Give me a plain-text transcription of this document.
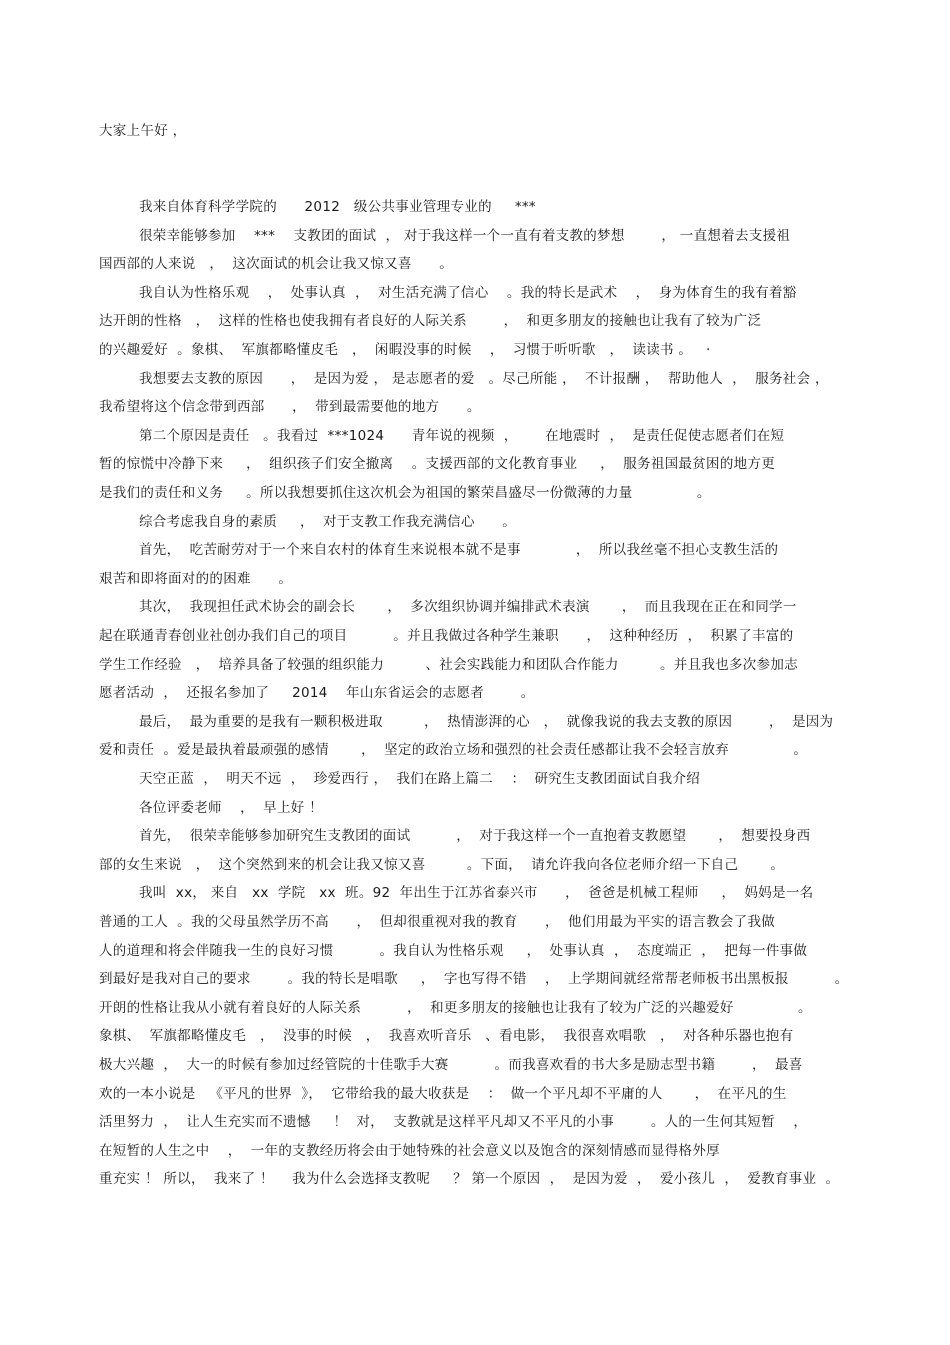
大家上午好 ，
我来自体育科学学院的      2012   级公共事业管理专业的     ***
很荣幸能够参加    ***    支教团的面试  ， 对于我这样一个一直有着支教的梦想        ， 一直想着去支援祖
国西部的人来说   ，  这次面试的机会让我又惊又喜      。
我自认为性格乐观    ，  处事认真  ，  对生活充满了信心    。我的特长是武术    ，  身为体育生的我有着豁
达开朗的性格   ，  这样的性格也使我拥有者良好的人际关系        ，  和更多朋友的接触也让我有了较为广泛
的兴趣爱好  。象棋、  军旗都略懂皮毛   ，  闲暇没事的时候    ，  习惯于听听歌   ，  读读书 。   ·
我想要去支教的原因      ，  是因为爱 ， 是志愿者的爱   。尽己所能 ，  不计报酬 ，  帮助他人  ，  服务社会 ，
我希望将这个信念带到西部      ，  带到最需要他的地方      。
第二个原因是责任   。我看过  ***1024      青年说的视频  ，      在地震时  ，  是责任促使志愿者们在短
暂的惊慌中冷静下来     ，  组织孩子们安全撤离    。支援西部的文化教育事业     ，  服务祖国最贫困的地方更
是我们的责任和义务     。所以我想要抓住这次机会为祖国的繁荣昌盛尽一份微薄的力量              。
综合考虑我自身的素质     ，  对于支教工作我充满信心      。
首先，  吃苦耐劳对于一个来自农村的体育生来说根本就不是事            ，  所以我丝毫不担心支教生活的
艰苦和即将面对的的困难      。
其次，  我现担任武术协会的副会长       ，  多次组织协调并编排武术表演       ，  而且我现在正在和同学一
起在联通青春创业社创办我们自己的项目          。并且我做过各种学生兼职      ，  这种种经历  ，  积累了丰富的
学生工作经验   ，  培养具备了较强的组织能力         、社会实践能力和团队合作能力         。并且我也多次参加志
愿者活动  ，  还报名参加了     2014    年山东省运会的志愿者        。
最后，  最为重要的是我有一颗积极进取         ，  热情澎湃的心   ，  就像我说的我去支教的原因        ，  是因为
爱和责任  。爱是最执着最顽强的感情       ，  坚定的政治立场和强烈的社会责任感都让我不会轻言放弃              。
天空正蓝  ，  明天不远  ，  珍爱西行 ，  我们在路上篇二    ：  研究生支教团面试自我介绍
各位评委老师    ，  早上好 ！
首先，  很荣幸能够参加研究生支教团的面试          ，  对于我这样一个一直抱着支教愿望       ，  想要投身西
部的女生来说   ，  这个突然到来的机会让我又惊又喜         。下面，  请允许我向各位老师介绍一下自己       。
我叫  xx， 来自   xx  学院   xx  班。92  年出生于江苏省泰兴市      ，  爸爸是机械工程师     ，  妈妈是一名
普通的工人  。我的父母虽然学历不高      ，  但却很重视对我的教育      ，  他们用最为平实的语言教会了我做
人的道理和将会伴随我一生的良好习惯          。我自认为性格乐观     ，  处事认真  ，  态度端正  ，  把每一件事做
到最好是我对自己的要求        。我的特长是唱歌     ，  字也写得不错    ，  上学期间就经常帮老师板书出黑板报          。
开朗的性格让我从小就有着良好的人际关系          ，  和更多朋友的接触也让我有了较为广泛的兴趣爱好              。
象棋、  军旗都略懂皮毛   ，  没事的时候   ，  我喜欢听音乐   、看电影，  我很喜欢唱歌   ，  对各种乐器也抱有
极大兴趣  ，  大一的时候有参加过经管院的十佳歌手大赛          。而我喜欢看的书大多是励志型书籍        ，  最喜
欢的一本小说是   《平凡的世界  》，  它带给我的最大收获是    ：  做一个平凡却不平庸的人       ，  在平凡的生
活里努力  ，  让人生充实而不遗憾     ！  对，  支教就是这样平凡却又不平凡的小事        。人的一生何其短暂    ，
在短暂的人生之中    ，  一年的支教经历将会由于她特殊的社会意义以及饱含的深刻情感而显得格外厚
重充实 ！ 所以，  我来了 ！    我为什么会选择支教呢     ？ 第一个原因  ，  是因为爱  ，  爱小孩儿  ，  爱教育事业  。
